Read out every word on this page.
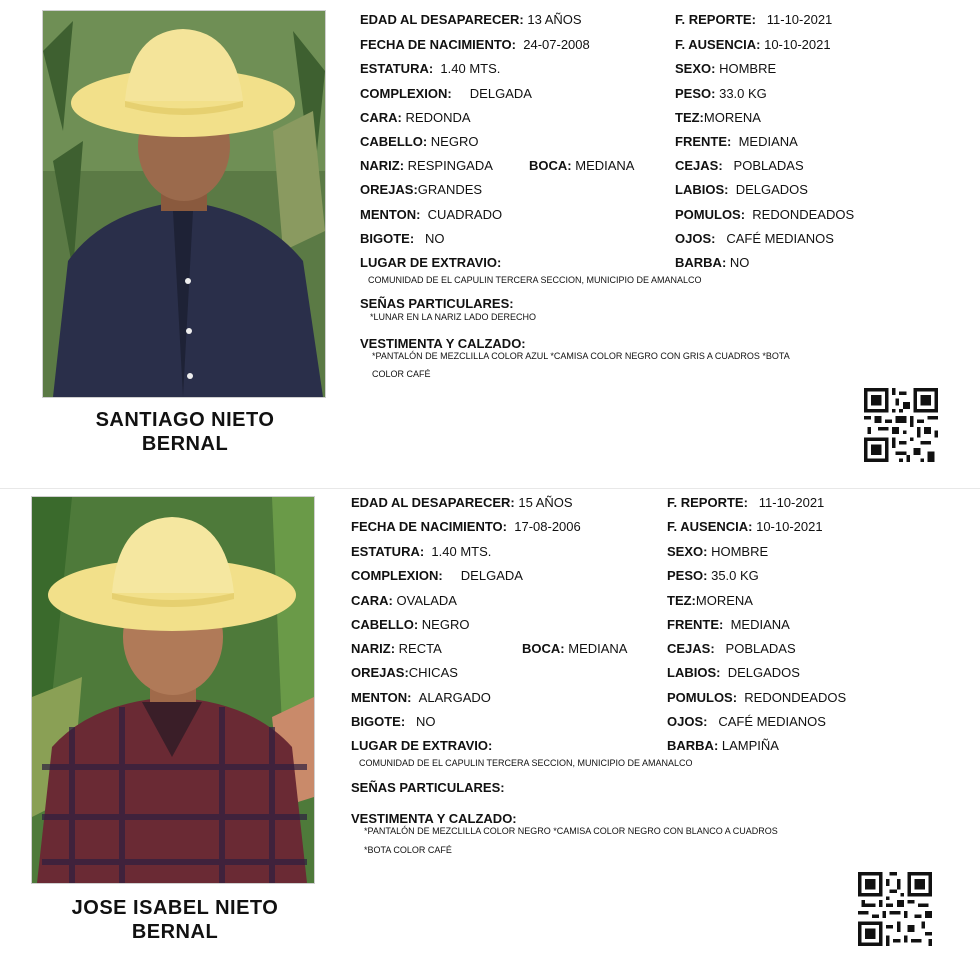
SANTIAGO NIETO
BERNAL
EDAD AL DESAPARECER: 13 AÑOS
FECHA DE NACIMIENTO: 24-07-2008
ESTATURA: 1.40 MTS.
COMPLEXION: DELGADA
CARA: REDONDA
CABELLO: NEGRO
NARIZ: RESPINGADA	BOCA: MEDIANA
OREJAS:GRANDES
MENTON: CUADRADO
BIGOTE: NO
LUGAR DE EXTRAVIO:
COMUNIDAD DE EL CAPULIN TERCERA SECCION, MUNICIPIO DE AMANALCO
SEÑAS PARTICULARES:
*LUNAR EN LA NARIZ LADO DERECHO
VESTIMENTA Y CALZADO:
*PANTALÓN DE MEZCLILLA COLOR AZUL *CAMISA COLOR NEGRO CON GRIS A CUADROS *BOTA
COLOR CAFÉ
F. REPORTE: 11-10-2021
F. AUSENCIA: 10-10-2021
SEXO: HOMBRE
PESO: 33.0 KG
TEZ:MORENA
FRENTE: MEDIANA
CEJAS: POBLADAS
LABIOS: DELGADOS
POMULOS: REDONDEADOS
OJOS: CAFÉ MEDIANOS
BARBA: NO
JOSE ISABEL NIETO
BERNAL
EDAD AL DESAPARECER: 15 AÑOS
FECHA DE NACIMIENTO: 17-08-2006
ESTATURA: 1.40 MTS.
COMPLEXION: DELGADA
CARA: OVALADA
CABELLO: NEGRO
NARIZ: RECTA	BOCA: MEDIANA
OREJAS:CHICAS
MENTON: ALARGADO
BIGOTE: NO
LUGAR DE EXTRAVIO:
COMUNIDAD DE EL CAPULIN TERCERA SECCION, MUNICIPIO DE AMANALCO
SEÑAS PARTICULARES:
VESTIMENTA Y CALZADO:
*PANTALÓN DE MEZCLILLA COLOR NEGRO *CAMISA COLOR NEGRO CON BLANCO A CUADROS
*BOTA COLOR CAFÉ
F. REPORTE: 11-10-2021
F. AUSENCIA: 10-10-2021
SEXO: HOMBRE
PESO: 35.0 KG
TEZ:MORENA
FRENTE: MEDIANA
CEJAS: POBLADAS
LABIOS: DELGADOS
POMULOS: REDONDEADOS
OJOS: CAFÉ MEDIANOS
BARBA: LAMPIÑA
